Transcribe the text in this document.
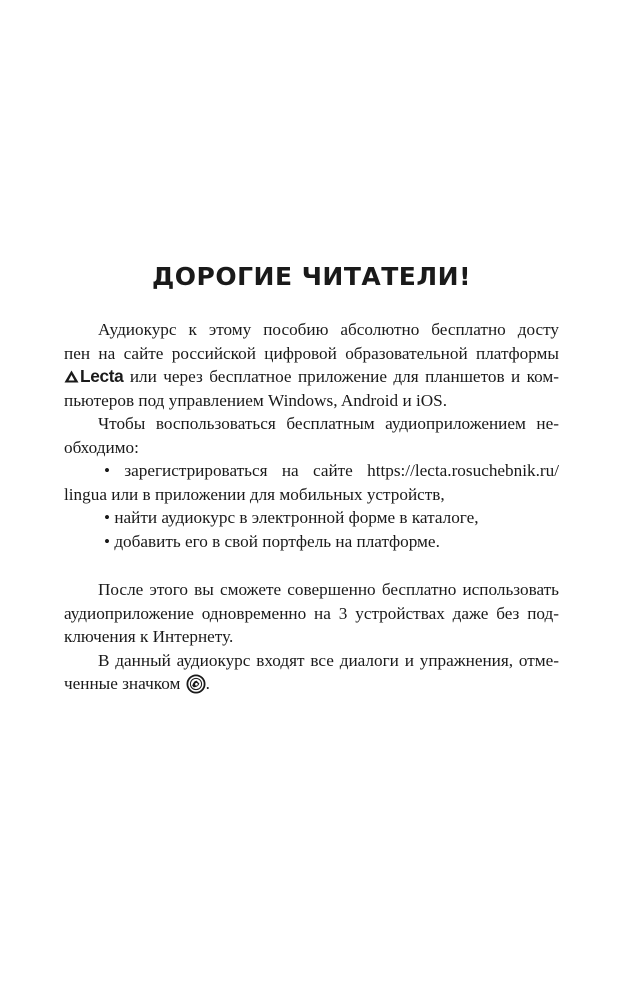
ДОРОГИЕ ЧИТАТЕЛИ!
Аудиокурс к этому пособию абсолютно бесплатно досту
пен на сайте российской цифровой образовательной платформы
Lecta или через бесплатное приложение для планшетов и ком-
пьютеров под управлением Windows, Android и iOS.
Чтобы воспользоваться бесплатным аудиоприложением не-
обходимо:
• зарегистрироваться на сайте https://lecta.rosuchebnik.ru/
lingua или в приложении для мобильных устройств,
• найти аудиокурс в электронной форме в каталоге,
• добавить его в свой портфель на платформе.
После этого вы сможете совершенно бесплатно использовать
аудиоприложение одновременно на 3 устройствах даже без под-
ключения к Интернету.
В данный аудиокурс входят все диалоги и упражнения, отме-
ченные значком .
